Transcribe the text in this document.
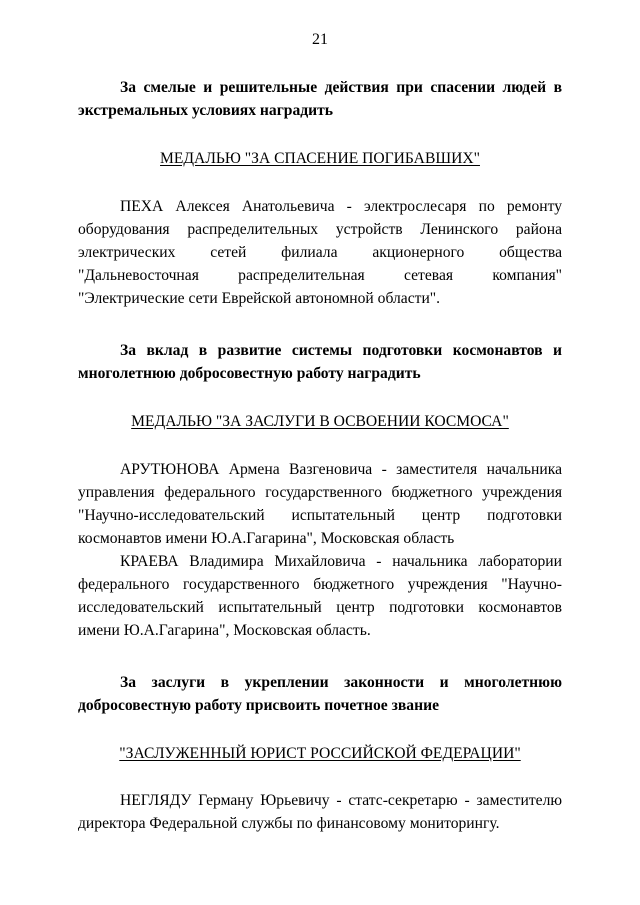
21

За смелые и решительные действия при спасении людей в экстремальных условиях наградить

МЕДАЛЬЮ "ЗА СПАСЕНИЕ ПОГИБАВШИХ"

ПЕХА Алексея Анатольевича - электрослесаря по ремонту оборудования распределительных устройств Ленинского района электрических сетей филиала акционерного общества "Дальневосточная распределительная сетевая компания" "Электрические сети Еврейской автономной области".

За вклад в развитие системы подготовки космонавтов и многолетнюю добросовестную работу наградить

МЕДАЛЬЮ "ЗА ЗАСЛУГИ В ОСВОЕНИИ КОСМОСА"

АРУТЮНОВА Армена Вазгеновича - заместителя начальника управления федерального государственного бюджетного учреждения "Научно-исследовательский испытательный центр подготовки космонавтов имени Ю.А.Гагарина", Московская область

КРАЕВА Владимира Михайловича - начальника лаборатории федерального государственного бюджетного учреждения "Научно-исследовательский испытательный центр подготовки космонавтов имени Ю.А.Гагарина", Московская область.

За заслуги в укреплении законности и многолетнюю добросовестную работу присвоить почетное звание

"ЗАСЛУЖЕННЫЙ ЮРИСТ РОССИЙСКОЙ ФЕДЕРАЦИИ"

НЕГЛЯДУ Герману Юрьевичу - статс-секретарю - заместителю директора Федеральной службы по финансовому мониторингу.
